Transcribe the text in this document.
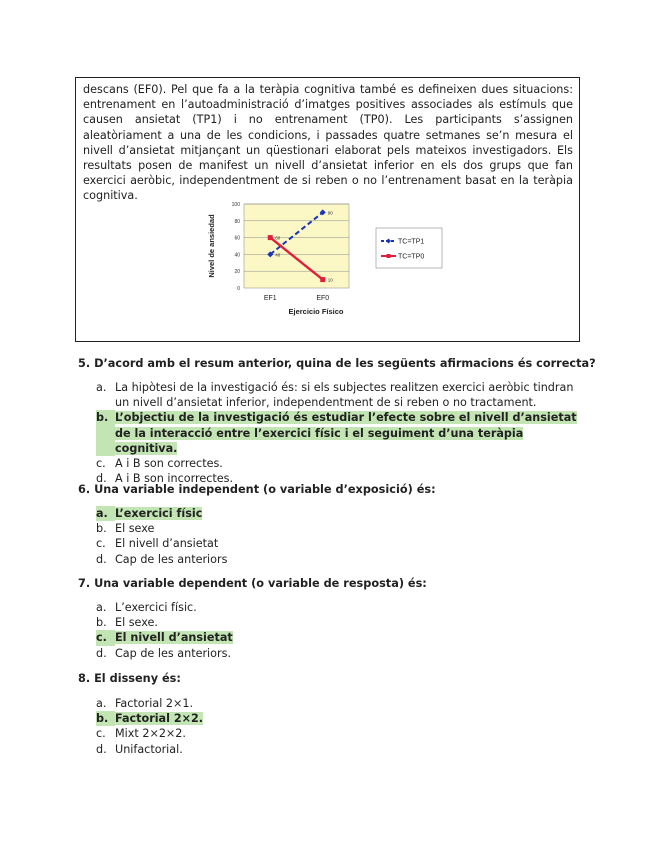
descans (EF0). Pel que fa a la teràpia cognitiva també es defineixen dues situacions: entrenament en l’autoadministració d’imatges positives associades als estímuls que causen ansietat (TP1) i no entrenament (TP0). Les participants s’assignen aleatòriament a una de les condicions, i passades quatre setmanes se’n mesura el nivell d’ansietat mitjançant un qüestionari elaborat pels mateixos investigadors. Els resultats posen de manifest un nivell d’ansietat inferior en els dos grups que fan exercici aeròbic, independentment de si reben o no l’entrenament basat en la teràpia cognitiva.

0
20
40
60
80
100
EF1	EF0
Nivel de ansiedad
Ejercicio Físico
40
90
60
10
TC=TP1
TC=TP0

5. D’acord amb el resum anterior, quina de les següents afirmacions és correcta?

a. La hipòtesi de la investigació és: si els subjectes realitzen exercici aeròbic tindran un nivell d’ansietat inferior, independentment de si reben o no tractament.
b. L’objectiu de la investigació és estudiar l’efecte sobre el nivell d’ansietat de la interacció entre l’exercici físic i el seguiment d’una teràpia cognitiva.
c. A i B son correctes.
d. A i B son incorrectes.

6. Una variable independent (o variable d’exposició) és:

a. L’exercici físic
b. El sexe
c. El nivell d’ansietat
d. Cap de les anteriors

7. Una variable dependent (o variable de resposta) és:

a. L’exercici físic.
b. El sexe.
c. El nivell d’ansietat
d. Cap de les anteriors.

8. El disseny és:

a. Factorial 2×1.
b. Factorial 2×2.
c. Mixt 2×2×2.
d. Unifactorial.
